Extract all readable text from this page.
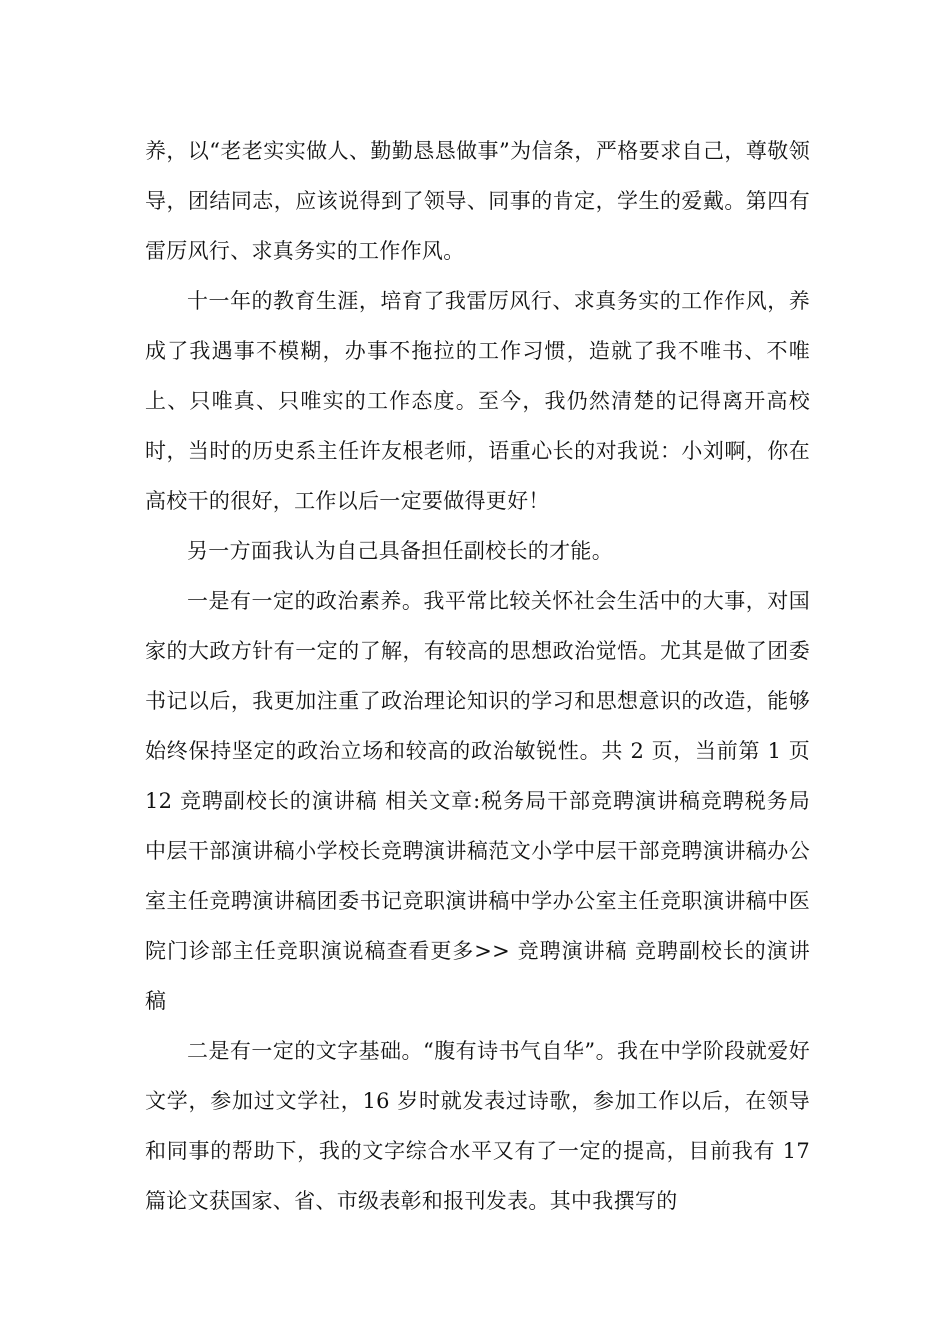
养，以“老老实实做人、勤勤恳恳做事”为信条，严格要求自己，尊敬领导，团结同志，应该说得到了领导、同事的肯定，学生的爱戴。第四有雷厉风行、求真务实的工作作风。

十一年的教育生涯，培育了我雷厉风行、求真务实的工作作风，养成了我遇事不模糊，办事不拖拉的工作习惯，造就了我不唯书、不唯上、只唯真、只唯实的工作态度。至今，我仍然清楚的记得离开高校时，当时的历史系主任许友根老师，语重心长的对我说：小刘啊，你在高校干的很好，工作以后一定要做得更好！

另一方面我认为自己具备担任副校长的才能。

一是有一定的政治素养。我平常比较关怀社会生活中的大事，对国家的大政方针有一定的了解，有较高的思想政治觉悟。尤其是做了团委书记以后，我更加注重了政治理论知识的学习和思想意识的改造，能够始终保持坚定的政治立场和较高的政治敏锐性。共 2 页，当前第 1 页 12 竞聘副校长的演讲稿 相关文章:税务局干部竞聘演讲稿竞聘税务局中层干部演讲稿小学校长竞聘演讲稿范文小学中层干部竞聘演讲稿办公室主任竞聘演讲稿团委书记竞职演讲稿中学办公室主任竞职演讲稿中医院门诊部主任竞职演说稿查看更多>> 竞聘演讲稿 竞聘副校长的演讲稿

二是有一定的文字基础。“腹有诗书气自华”。我在中学阶段就爱好文学，参加过文学社，16 岁时就发表过诗歌，参加工作以后，在领导和同事的帮助下，我的文字综合水平又有了一定的提高，目前我有 17 篇论文获国家、省、市级表彰和报刊发表。其中我撰写的
